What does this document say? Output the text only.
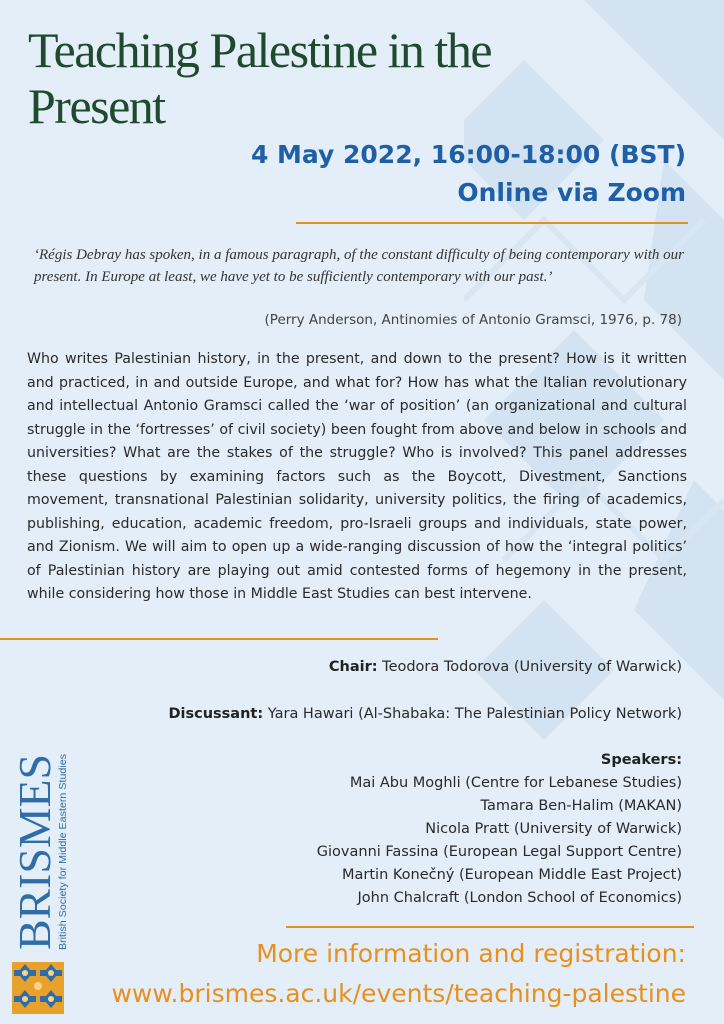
Teaching Palestine in the Present
4 May 2022, 16:00-18:00 (BST)
Online via Zoom
‘Régis Debray has spoken, in a famous paragraph, of the constant difficulty of being contemporary with our present. In Europe at least, we have yet to be sufficiently contemporary with our past.’
(Perry Anderson, Antinomies of Antonio Gramsci, 1976, p. 78)
Who writes Palestinian history, in the present, and down to the present? How is it written and practiced, in and outside Europe, and what for? How has what the Italian revolutionary and intellectual Antonio Gramsci called the ‘war of position’ (an organizational and cultural struggle in the ‘fortresses’ of civil society) been fought from above and below in schools and universities? What are the stakes of the struggle? Who is involved? This panel addresses these questions by examining factors such as the Boycott, Divestment, Sanctions movement, transnational Palestinian solidarity, university politics, the firing of academics, publishing, education, academic freedom, pro-Israeli groups and individuals, state power, and Zionism. We will aim to open up a wide-ranging discussion of how the ‘integral politics’ of Palestinian history are playing out amid contested forms of hegemony in the present, while considering how those in Middle East Studies can best intervene.
Chair: Teodora Todorova (University of Warwick)
Discussant: Yara Hawari (Al-Shabaka: The Palestinian Policy Network)
Speakers:
Mai Abu Moghli (Centre for Lebanese Studies)
Tamara Ben-Halim (MAKAN)
Nicola Pratt (University of Warwick)
Giovanni Fassina (European Legal Support Centre)
Martin Konečný (European Middle East Project)
John Chalcraft (London School of Economics)
BRISMES
British Society for Middle Eastern Studies
More information and registration:
www.brismes.ac.uk/events/teaching-palestine
